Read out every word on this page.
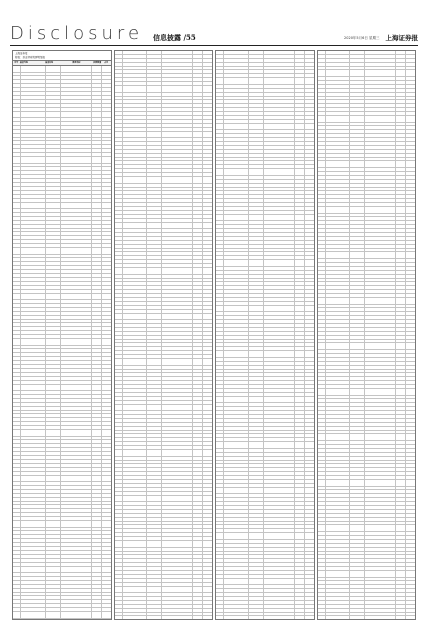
Disclosure 信息披露 /55	2020年5月6日 星期三 上海证券报
上海证券报
附表：基金持有股票明细表
序号 基金代码	基金名称	股票名称	持股数量	占比
